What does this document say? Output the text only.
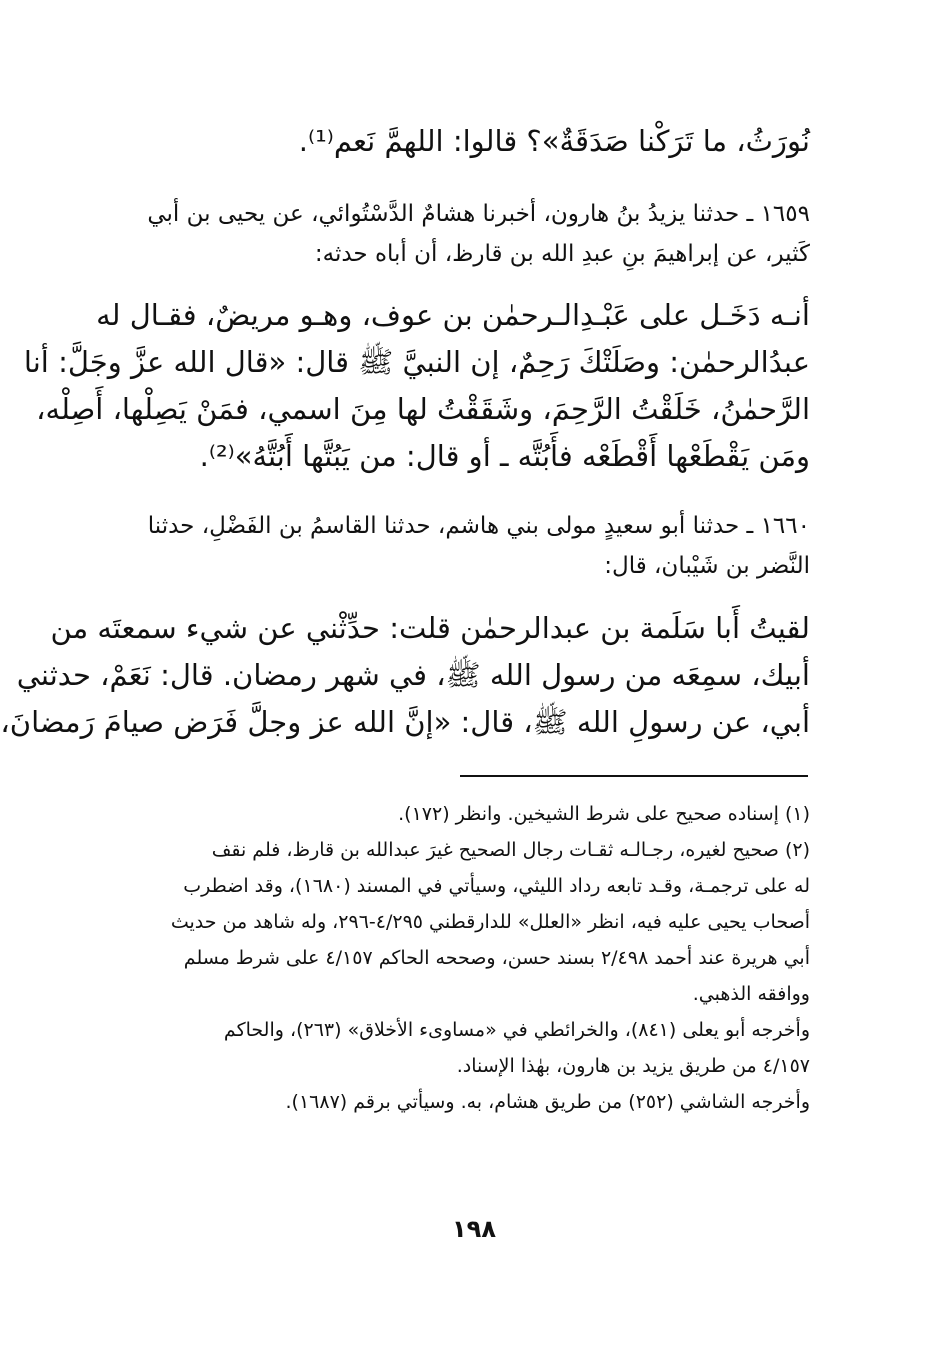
نُورَثُ، ما تَرَكْنا صَدَقَةٌ»؟ قالوا: اللهمَّ نَعم⁽¹⁾.
١٦٥٩ ـ حدثنا يزيدُ بنُ هارون، أخبرنا هشامٌ الدَّسْتُوائي، عن يحيى بن أبي
كَثير، عن إبراهيمَ بنِ عبدِ الله بن قارظ، أن أباه حدثه:
أنـه دَخَـل على عَبْـدِالـرحمٰن بن عوف، وهـو مريضٌ، فقـال له
عبدُالرحمٰن: وصَلَتْكَ رَحِمٌ، إن النبيَّ ﷺ قال: «قال الله عزَّ وجَلَّ: أنا
الرَّحمٰنُ، خَلَقْتُ الرَّحِمَ، وشَقَقْتُ لها مِنَ اسمي، فمَنْ يَصِلْها، أَصِلْه،
ومَن يَقْطَعْها أَقْطَعْه فأَبُتَّه ـ أو قال: من يَبُتَّها أَبُتَّهُ»⁽²⁾.
١٦٦٠ ـ حدثنا أبو سعيدٍ مولى بني هاشم، حدثنا القاسمُ بن الفَضْلِ، حدثنا
النَّضر بن شَيْبان، قال:
لقيتُ أَبا سَلَمة بن عبدالرحمٰن قلت: حدِّثْني عن شيء سمعتَه من
أبيك، سمِعَه من رسول الله ﷺ، في شهر رمضان. قال: نَعَمْ، حدثني
أبي، عن رسولِ الله ﷺ، قال: «إنَّ الله عز وجلَّ فَرَض صيامَ رَمضانَ،
(١) إسناده صحيح على شرط الشيخين. وانظر (١٧٢).
(٢) صحيح لغيره، رجـالـه ثقـات رجال الصحيح غيرَ عبدالله بن قارظ، فلم نقف
له على ترجمـة، وقـد تابعه رداد الليثي، وسيأتي في المسند (١٦٨٠)، وقد اضطرب
أصحاب يحيى عليه فيه، انظر «العلل» للدارقطني ٤/٢٩٥-٢٩٦، وله شاهد من حديث
أبي هريرة عند أحمد ٢/٤٩٨ بسند حسن، وصححه الحاكم ٤/١٥٧ على شرط مسلم
ووافقه الذهبي.
وأخرجه أبو يعلى (٨٤١)، والخرائطي في «مساوىء الأخلاق» (٢٦٣)، والحاكم
٤/١٥٧ من طريق يزيد بن هارون، بهٰذا الإسناد.
وأخرجه الشاشي (٢٥٢) من طريق هشام، به. وسيأتي برقم (١٦٨٧).
١٩٨
